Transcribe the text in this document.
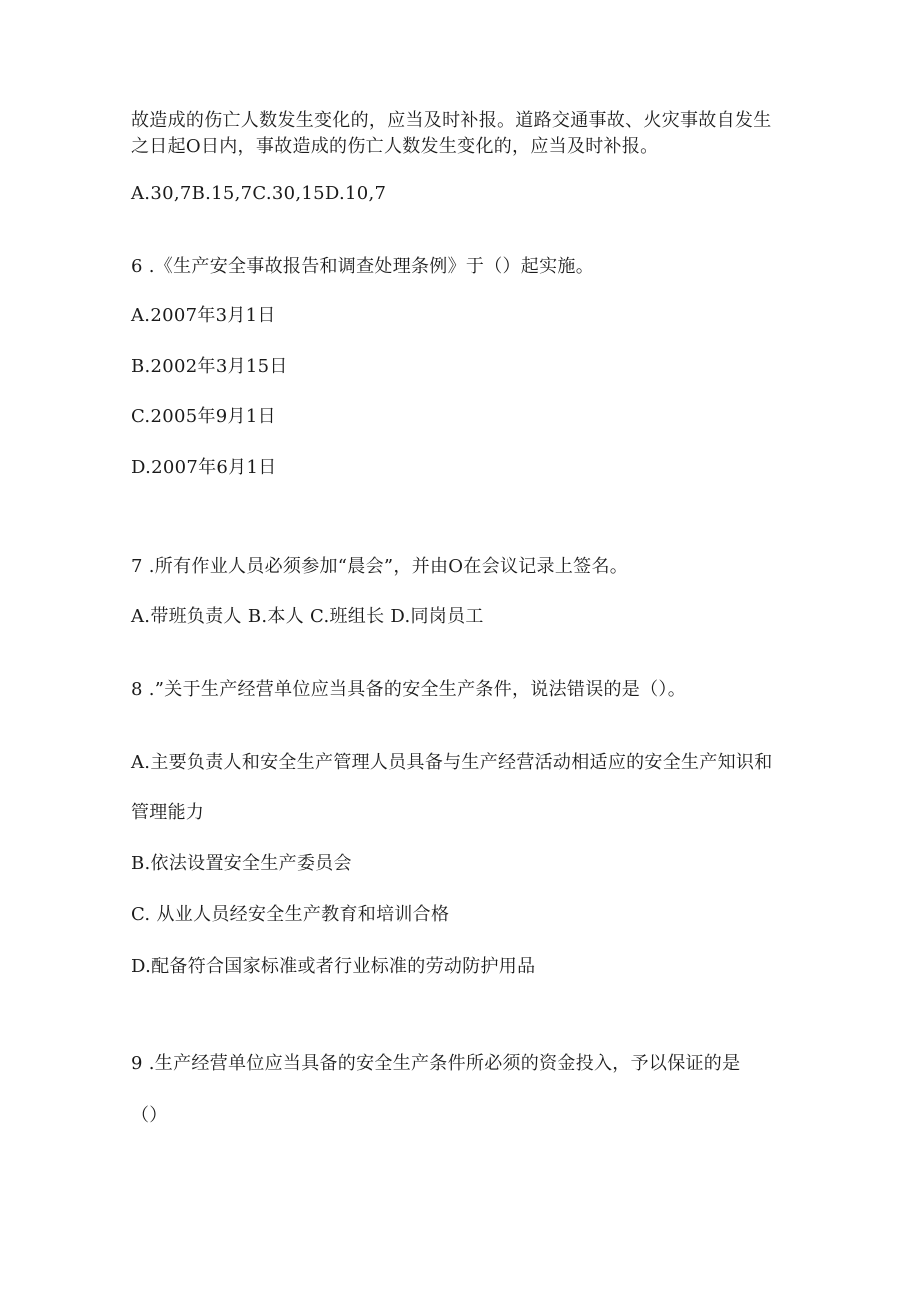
故造成的伤亡人数发生变化的，应当及时补报。道路交通事故、火灾事故自发生
之日起O日内，事故造成的伤亡人数发生变化的，应当及时补报。
A.30,7B.15,7C.30,15D.10,7
6 .《生产安全事故报告和调查处理条例》于（）起实施。
A.2007年3月1日
B.2002年3月15日
C.2005年9月1日
D.2007年6月1日
7 .所有作业人员必须参加“晨会”，并由O在会议记录上签名。
A.带班负责人 B.本人 C.班组长 D.同岗员工
8 .”关于生产经营单位应当具备的安全生产条件，说法错误的是（）。
A.主要负责人和安全生产管理人员具备与生产经营活动相适应的安全生产知识和
管理能力
B.依法设置安全生产委员会
C. 从业人员经安全生产教育和培训合格
D.配备符合国家标准或者行业标准的劳动防护用品
9 .生产经营单位应当具备的安全生产条件所必须的资金投入，予以保证的是
（）
